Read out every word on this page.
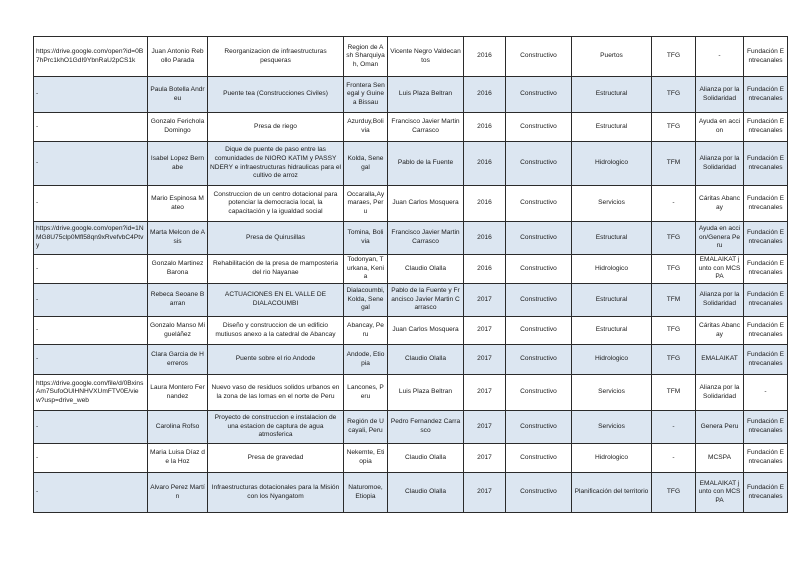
https://drive.google.com/open?id=0B7hPrc1khO1GdI9YbnRaU2pCS1k	Juan Antonio Rebollo Parada	Reorganizacion de infraestructuras pesqueras	Region de Ash Sharquiyah, Oman	Vicente Negro Valdecantos	2016	Constructivo	Puertos	TFG	-	Fundación Entrecanales
-	Paula Botella Andreu	Puente tea (Construcciones Civiles)	Frontera Senegal y Guinea Bissau	Luis Plaza Beltran	2016	Constructivo	Estructural	TFG	Alianza por la Solidaridad	Fundación Entrecanales
-	Gonzalo Ferichola Domingo	Presa de riego	Azurduy,Bolivia	Francisco Javier Martin Carrasco	2016	Constructivo	Estructural	TFG	Ayuda en accion	Fundación Entrecanales
-	Isabel Lopez Bernabe	Dique de puente de paso entre las comunidades de NIORO KATIM y PASSY NDERY e infraestructuras hidraulicas para el cultivo de arroz	Kolda, Senegal	Pablo de la Fuente	2016	Constructivo	Hidrologico	TFM	Alianza por la Solidaridad	Fundación Entrecanales
-	Mario Espinosa Mateo	Construccion de un centro dotacional para potenciar la democracia local, la capacitación y la igualdad social	Occaralla,Aymaraes, Peru	Juan Carlos Mosquera	2016	Constructivo	Servicios	-	Cáritas Abancay	Fundación Entrecanales
https://drive.google.com/open?id=1NMG8U75clp0Mfl58qn9xRvefvbC4Ptvy	Marta Melcon de Asis	Presa de Quirusillas	Tomina, Bolivia	Francisco Javier Martin Carrasco	2016	Constructivo	Estructural	TFG	Ayuda en accion/Genera Peru	Fundación Entrecanales
-	Gonzalo Martinez Barona	Rehabilitación de la presa de mamposteria del rio Nayanae	Todonyan, Turkana, Kenia	Claudio Olalla	2016	Constructivo	Hidrologico	TFG	EMALAIKAT junto con MCSPA	Fundación Entrecanales
-	Rebeca Seoane Barran	ACTUACIONES EN EL VALLE DE DIALACOUMBI	Dialacoumbi, Kolda, Senegal	Pablo de la Fuente y Francisco Javier Martin Carrasco	2017	Constructivo	Estructural	TFM	Alianza por la Solidaridad	Fundación Entrecanales
-	Gonzalo Manso Migueláñez	Diseño y construccion de un edificio mutiusos anexo a la catedral de Abancay	Abancay, Peru	Juan Carlos Mosquera	2017	Constructivo	Estructural	TFG	Cáritas Abancay	Fundación Entrecanales
-	Clara Garcia de Herreros	Puente sobre el rio Andode	Andode, Etiopia	Claudio Olalla	2017	Constructivo	Hidrologico	TFG	EMALAIKAT	Fundación Entrecanales
https://drive.google.com/file/d/0BxinsAm7SufoOUlHNHVXUmFTV0E/view?usp=drive_web	Laura Montero Fernandez	Nuevo vaso de residuos solidos urbanos en la zona de las lomas en el norte de Peru	Lancones, Peru	Luis Plaza Beltran	2017	Constructivo	Servicios	TFM	Alianza por la Solidaridad	-
-	Carolina Rofso	Proyecto de construccion e instalacion de una estacion de captura de agua atmosferica	Región de Ucayali, Peru	Pedro Fernandez Carrasco	2017	Constructivo	Servicios	-	Genera Peru	Fundación Entrecanales
-	Maria Luisa Díaz de la Hoz	Presa de gravedad	Nekemte, Etiopia	Claudio Olalla	2017	Constructivo	Hidrologico	-	MCSPA	Fundación Entrecanales
-	Alvaro Perez Martín	Infraestructuras dotacionales para la Misión con los Nyangatom	Naturomoe, Etiopia	Claudio Olalla	2017	Constructivo	Planificación del territorio	TFG	EMALAIKAT junto con MCSPA	Fundación Entrecanales
